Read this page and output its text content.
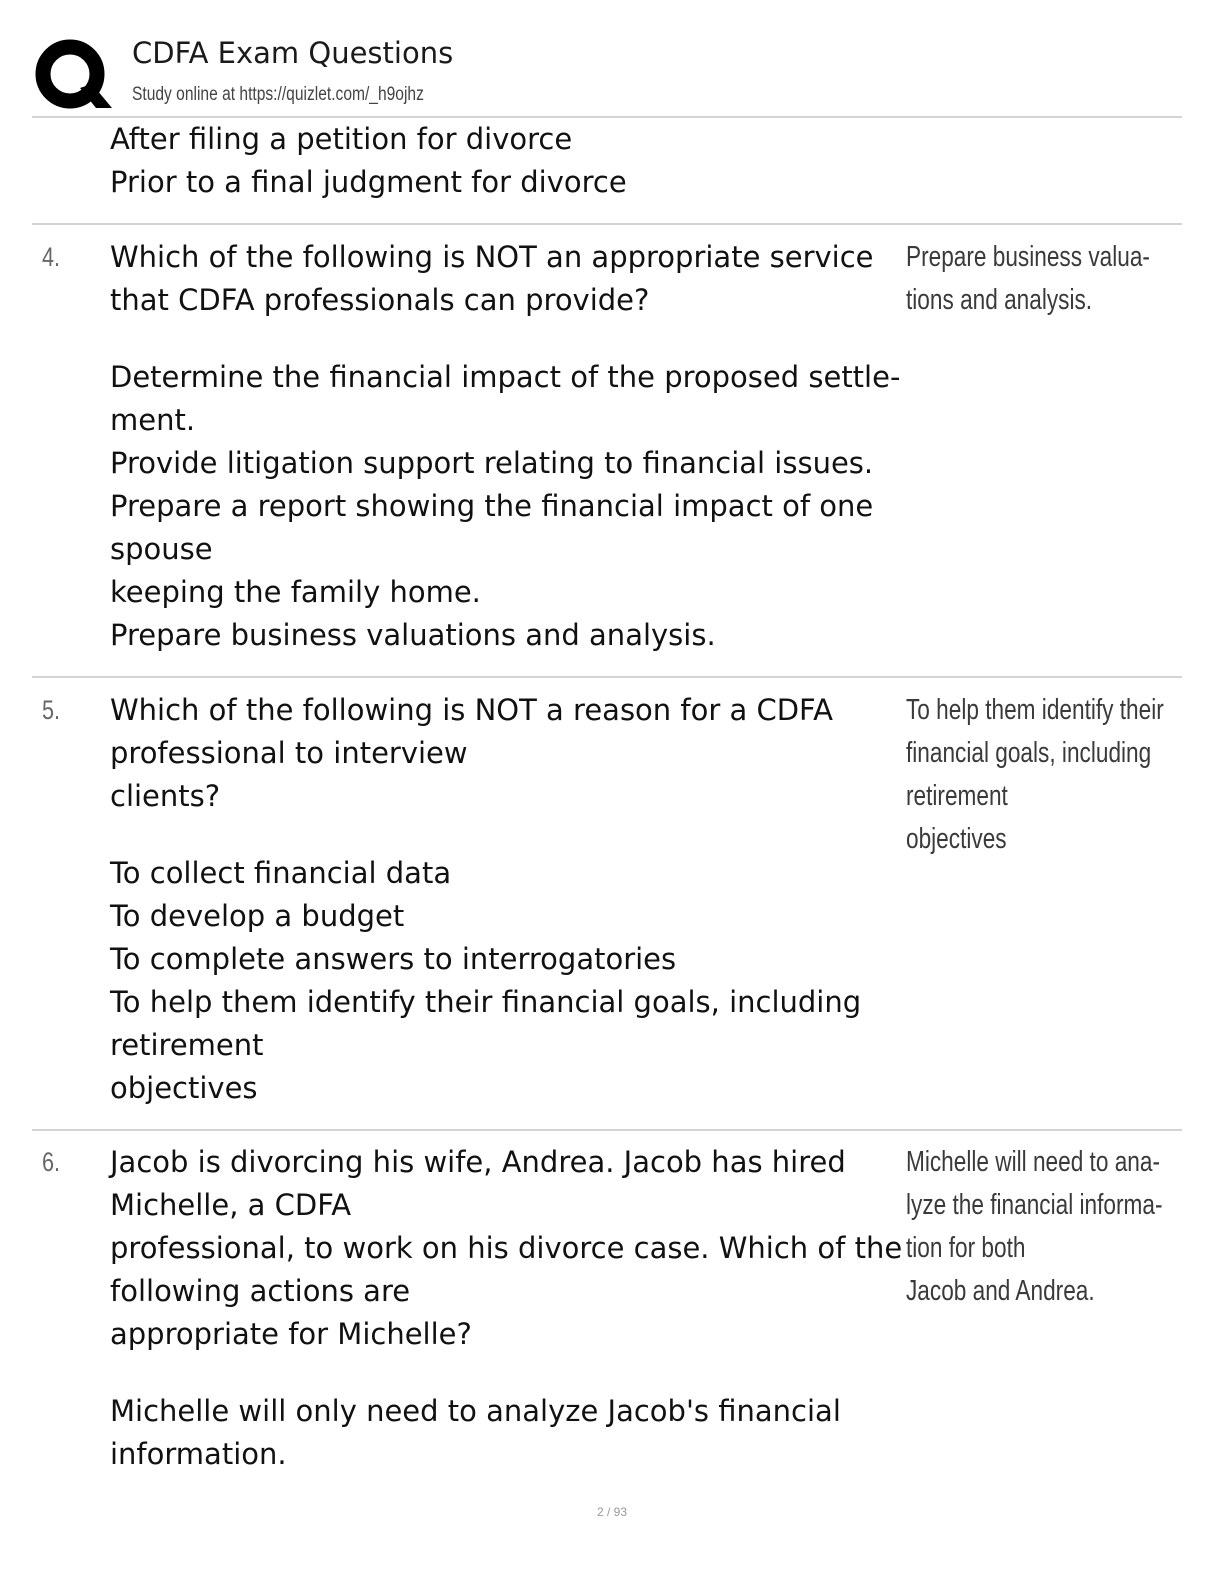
CDFA Exam Questions
Study online at https://quizlet.com/_h9ojhz
After filing a petition for divorce
Prior to a final judgment for divorce
4. Which of the following is NOT an appropriate service
that CDFA professionals can provide?
Determine the financial impact of the proposed settle-
ment.
Provide litigation support relating to financial issues.
Prepare a report showing the financial impact of one
spouse
keeping the family home.
Prepare business valuations and analysis.
Prepare business valua-
tions and analysis.
5. Which of the following is NOT a reason for a CDFA
professional to interview
clients?
To collect financial data
To develop a budget
To complete answers to interrogatories
To help them identify their financial goals, including
retirement
objectives
To help them identify their
financial goals, including
retirement
objectives
6. Jacob is divorcing his wife, Andrea. Jacob has hired
Michelle, a CDFA
professional, to work on his divorce case. Which of the
following actions are
appropriate for Michelle?
Michelle will only need to analyze Jacob's financial
information.
Michelle will need to ana-
lyze the financial informa-
tion for both
Jacob and Andrea.
2 / 93
